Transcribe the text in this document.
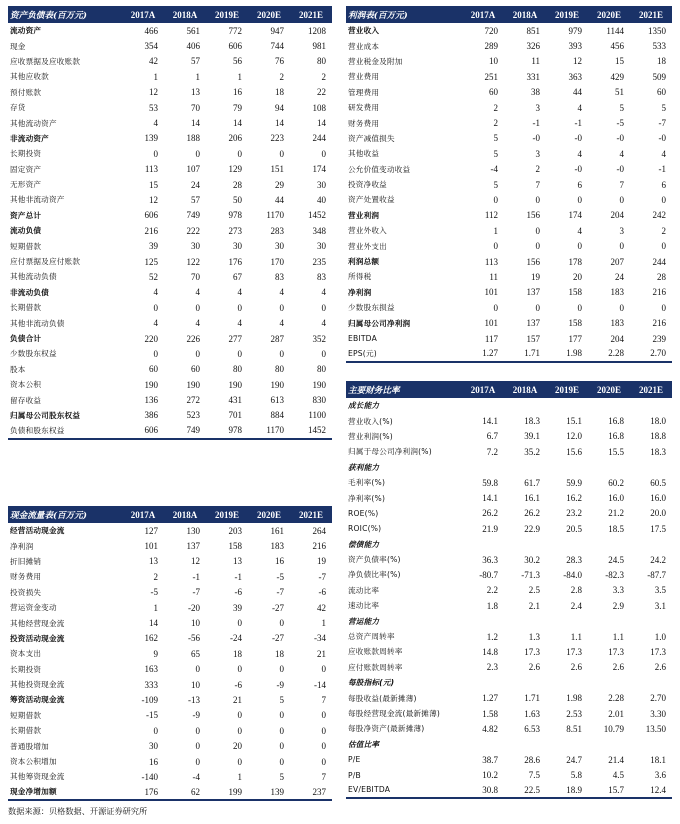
资产负债表(百万元)	2017A	2018A	2019E	2020E	2021E
流动资产	466	561	772	947	1208
现金	354	406	606	744	981
应收票据及应收账款	42	57	56	76	80
其他应收款	1	1	1	2	2
预付账款	12	13	16	18	22
存货	53	70	79	94	108
其他流动资产	4	14	14	14	14
非流动资产	139	188	206	223	244
长期投资	0	0	0	0	0
固定资产	113	107	129	151	174
无形资产	15	24	28	29	30
其他非流动资产	12	57	50	44	40
资产总计	606	749	978	1170	1452
流动负债	216	222	273	283	348
短期借款	39	30	30	30	30
应付票据及应付账款	125	122	176	170	235
其他流动负债	52	70	67	83	83
非流动负债	4	4	4	4	4
长期借款	0	0	0	0	0
其他非流动负债	4	4	4	4	4
负债合计	220	226	277	287	352
少数股东权益	0	0	0	0	0
股本	60	60	80	80	80
资本公积	190	190	190	190	190
留存收益	136	272	431	613	830
归属母公司股东权益	386	523	701	884	1100
负债和股东权益	606	749	978	1170	1452
利润表(百万元)	2017A	2018A	2019E	2020E	2021E
营业收入	720	851	979	1144	1350
营业成本	289	326	393	456	533
营业税金及附加	10	11	12	15	18
营业费用	251	331	363	429	509
管理费用	60	38	44	51	60
研发费用	2	3	4	5	5
财务费用	2	-1	-1	-5	-7
资产减值损失	5	-0	-0	-0	-0
其他收益	5	3	4	4	4
公允价值变动收益	-4	2	-0	-0	-1
投资净收益	5	7	6	7	6
资产处置收益	0	0	0	0	0
营业利润	112	156	174	204	242
营业外收入	1	0	4	3	2
营业外支出	0	0	0	0	0
利润总额	113	156	178	207	244
所得税	11	19	20	24	28
净利润	101	137	158	183	216
少数股东损益	0	0	0	0	0
归属母公司净利润	101	137	158	183	216
EBITDA	117	157	177	204	239
EPS(元)	1.27	1.71	1.98	2.28	2.70
主要财务比率	2017A	2018A	2019E	2020E	2021E
成长能力					
营业收入(%)	14.1	18.3	15.1	16.8	18.0
营业利润(%)	6.7	39.1	12.0	16.8	18.8
归属于母公司净利润(%)	7.2	35.2	15.6	15.5	18.3
获利能力					
毛利率(%)	59.8	61.7	59.9	60.2	60.5
净利率(%)	14.1	16.1	16.2	16.0	16.0
ROE(%)	26.2	26.2	23.2	21.2	20.0
ROIC(%)	21.9	22.9	20.5	18.5	17.5
偿债能力					
资产负债率(%)	36.3	30.2	28.3	24.5	24.2
净负债比率(%)	-80.7	-71.3	-84.0	-82.3	-87.7
流动比率	2.2	2.5	2.8	3.3	3.5
速动比率	1.8	2.1	2.4	2.9	3.1
营运能力					
总资产周转率	1.2	1.3	1.1	1.1	1.0
应收账款周转率	14.8	17.3	17.3	17.3	17.3
应付账款周转率	2.3	2.6	2.6	2.6	2.6
每股指标(元)					
每股收益(最新摊薄)	1.27	1.71	1.98	2.28	2.70
每股经营现金流(最新摊薄)	1.58	1.63	2.53	2.01	3.30
每股净资产(最新摊薄)	4.82	6.53	8.51	10.79	13.50
估值比率					
P/E	38.7	28.6	24.7	21.4	18.1
P/B	10.2	7.5	5.8	4.5	3.6
EV/EBITDA	30.8	22.5	18.9	15.7	12.4
现金流量表(百万元)	2017A	2018A	2019E	2020E	2021E
经营活动现金流	127	130	203	161	264
净利润	101	137	158	183	216
折旧摊销	13	12	13	16	19
财务费用	2	-1	-1	-5	-7
投资损失	-5	-7	-6	-7	-6
营运资金变动	1	-20	39	-27	42
其他经营现金流	14	10	0	0	1
投资活动现金流	162	-56	-24	-27	-34
资本支出	9	65	18	18	21
长期投资	163	0	0	0	0
其他投资现金流	333	10	-6	-9	-14
筹资活动现金流	-109	-13	21	5	7
短期借款	-15	-9	0	0	0
长期借款	0	0	0	0	0
普通股增加	30	0	20	0	0
资本公积增加	16	0	0	0	0
其他筹资现金流	-140	-4	1	5	7
现金净增加额	176	62	199	139	237
数据来源：贝格数据、开源证券研究所
